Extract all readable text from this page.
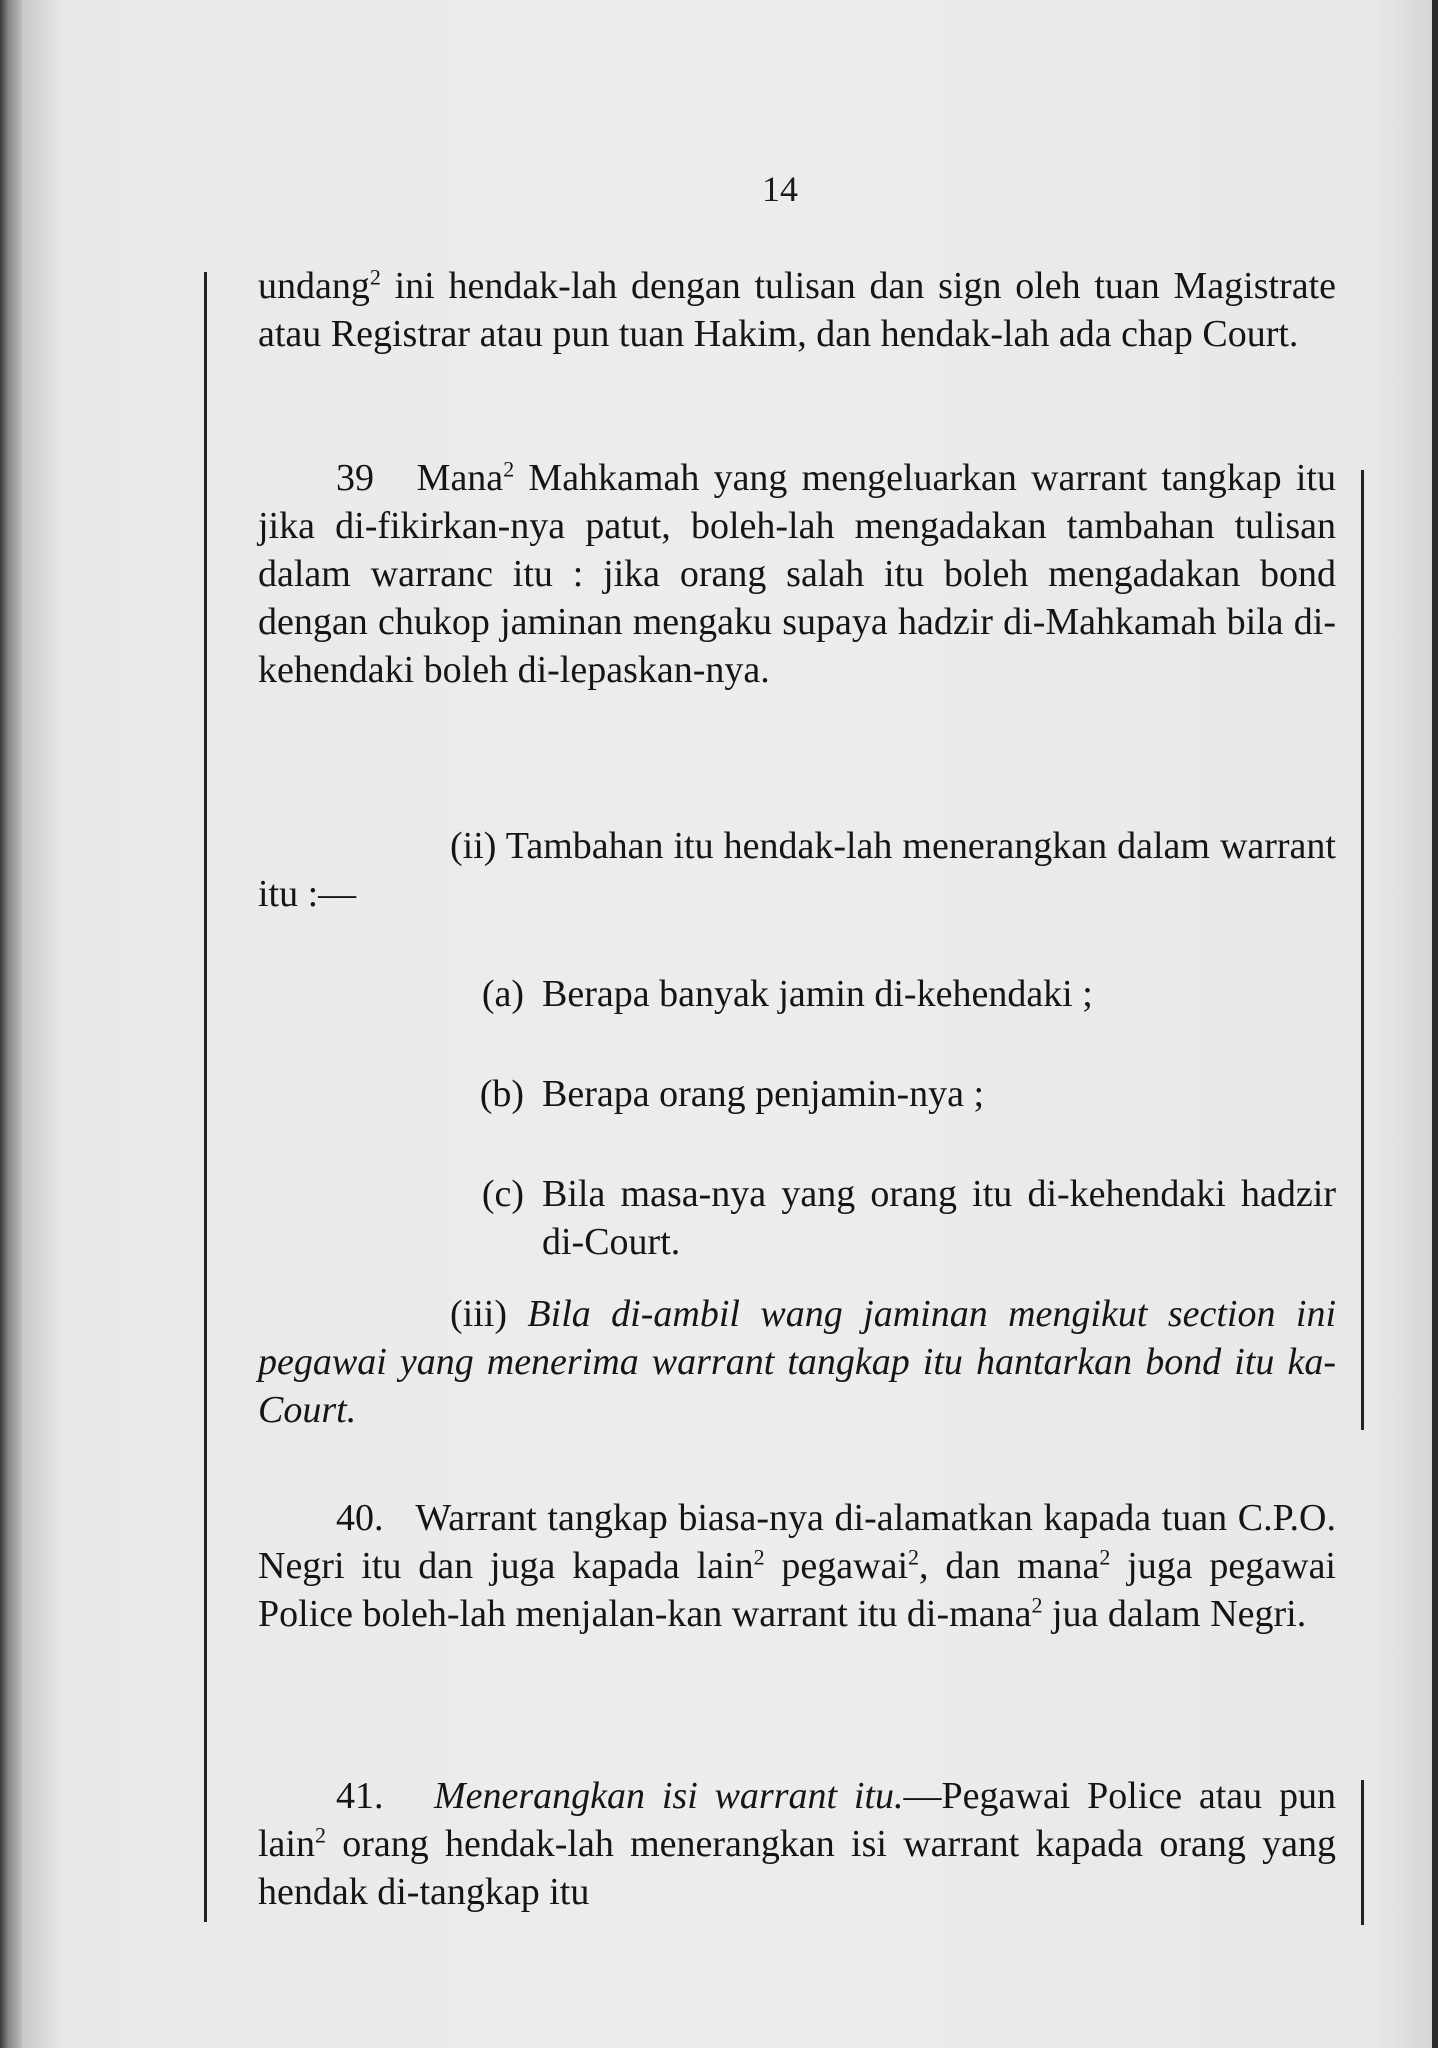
14

undang$^2$ ini hendak-lah dengan tulisan dan sign oleh tuan Magistrate atau Registrar atau pun tuan Hakim, dan hendak-lah ada chap Court.

39 Mana$^2$ Mahkamah yang mengeluarkan warrant tangkap itu jika di-fikirkan-nya patut, boleh-lah mengadakan tambahan tulisan dalam warranc itu : jika orang salah itu boleh mengadakan bond dengan chukop jaminan mengaku supaya hadzir di-Mahkamah bila di-kehendaki boleh di-lepaskan-nya.

(ii) Tambahan itu hendak-lah menerangkan dalam warrant itu :—

(a) Berapa banyak jamin di-kehendaki ;
(b) Berapa orang penjamin-nya ;
(c) Bila masa-nya yang orang itu di-kehendaki hadzir di-Court.

(iii) Bila di-ambil wang jaminan mengikut section ini pegawai yang menerima warrant tangkap itu hantarkan bond itu ka-Court.

40. Warrant tangkap biasa-nya di-alamatkan kapada tuan C.P.O. Negri itu dan juga kapada lain$^2$ pegawai$^2$, dan mana$^2$ juga pegawai Police boleh-lah menjalan-kan warrant itu di-mana$^2$ jua dalam Negri.

41. Menerangkan isi warrant itu.—Pegawai Police atau pun lain$^2$ orang hendak-lah menerangkan isi warrant kapada orang yang hendak di-tangkap itu
